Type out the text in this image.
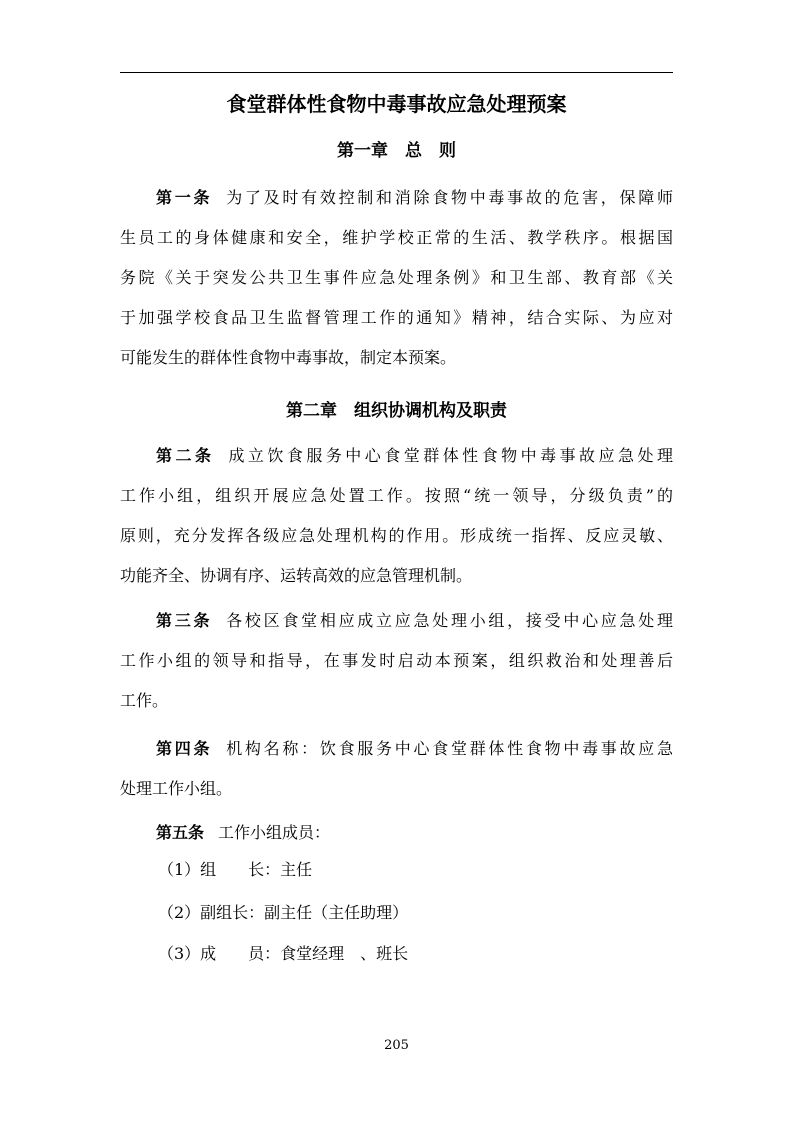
食堂群体性食物中毒事故应急处理预案
第一章　总　则
第一条 为了及时有效控制和消除食物中毒事故的危害，保障师
生员工的身体健康和安全，维护学校正常的生活、教学秩序。根据国
务院《关于突发公共卫生事件应急处理条例》和卫生部、教育部《关
于加强学校食品卫生监督管理工作的通知》精神，结合实际、为应对
可能发生的群体性食物中毒事故，制定本预案。
第二章　组织协调机构及职责
第二条 成立饮食服务中心食堂群体性食物中毒事故应急处理
工作小组，组织开展应急处置工作。按照“统一领导，分级负责”的
原则，充分发挥各级应急处理机构的作用。形成统一指挥、反应灵敏、
功能齐全、协调有序、运转高效的应急管理机制。
第三条 各校区食堂相应成立应急处理小组，接受中心应急处理
工作小组的领导和指导，在事发时启动本预案，组织救治和处理善后
工作。
第四条 机构名称：饮食服务中心食堂群体性食物中毒事故应急
处理工作小组。
第五条 工作小组成员：

（1）组　　长：主任

（2）副组长：副主任（主任助理）

（3）成　　员：食堂经理　、班长

205
